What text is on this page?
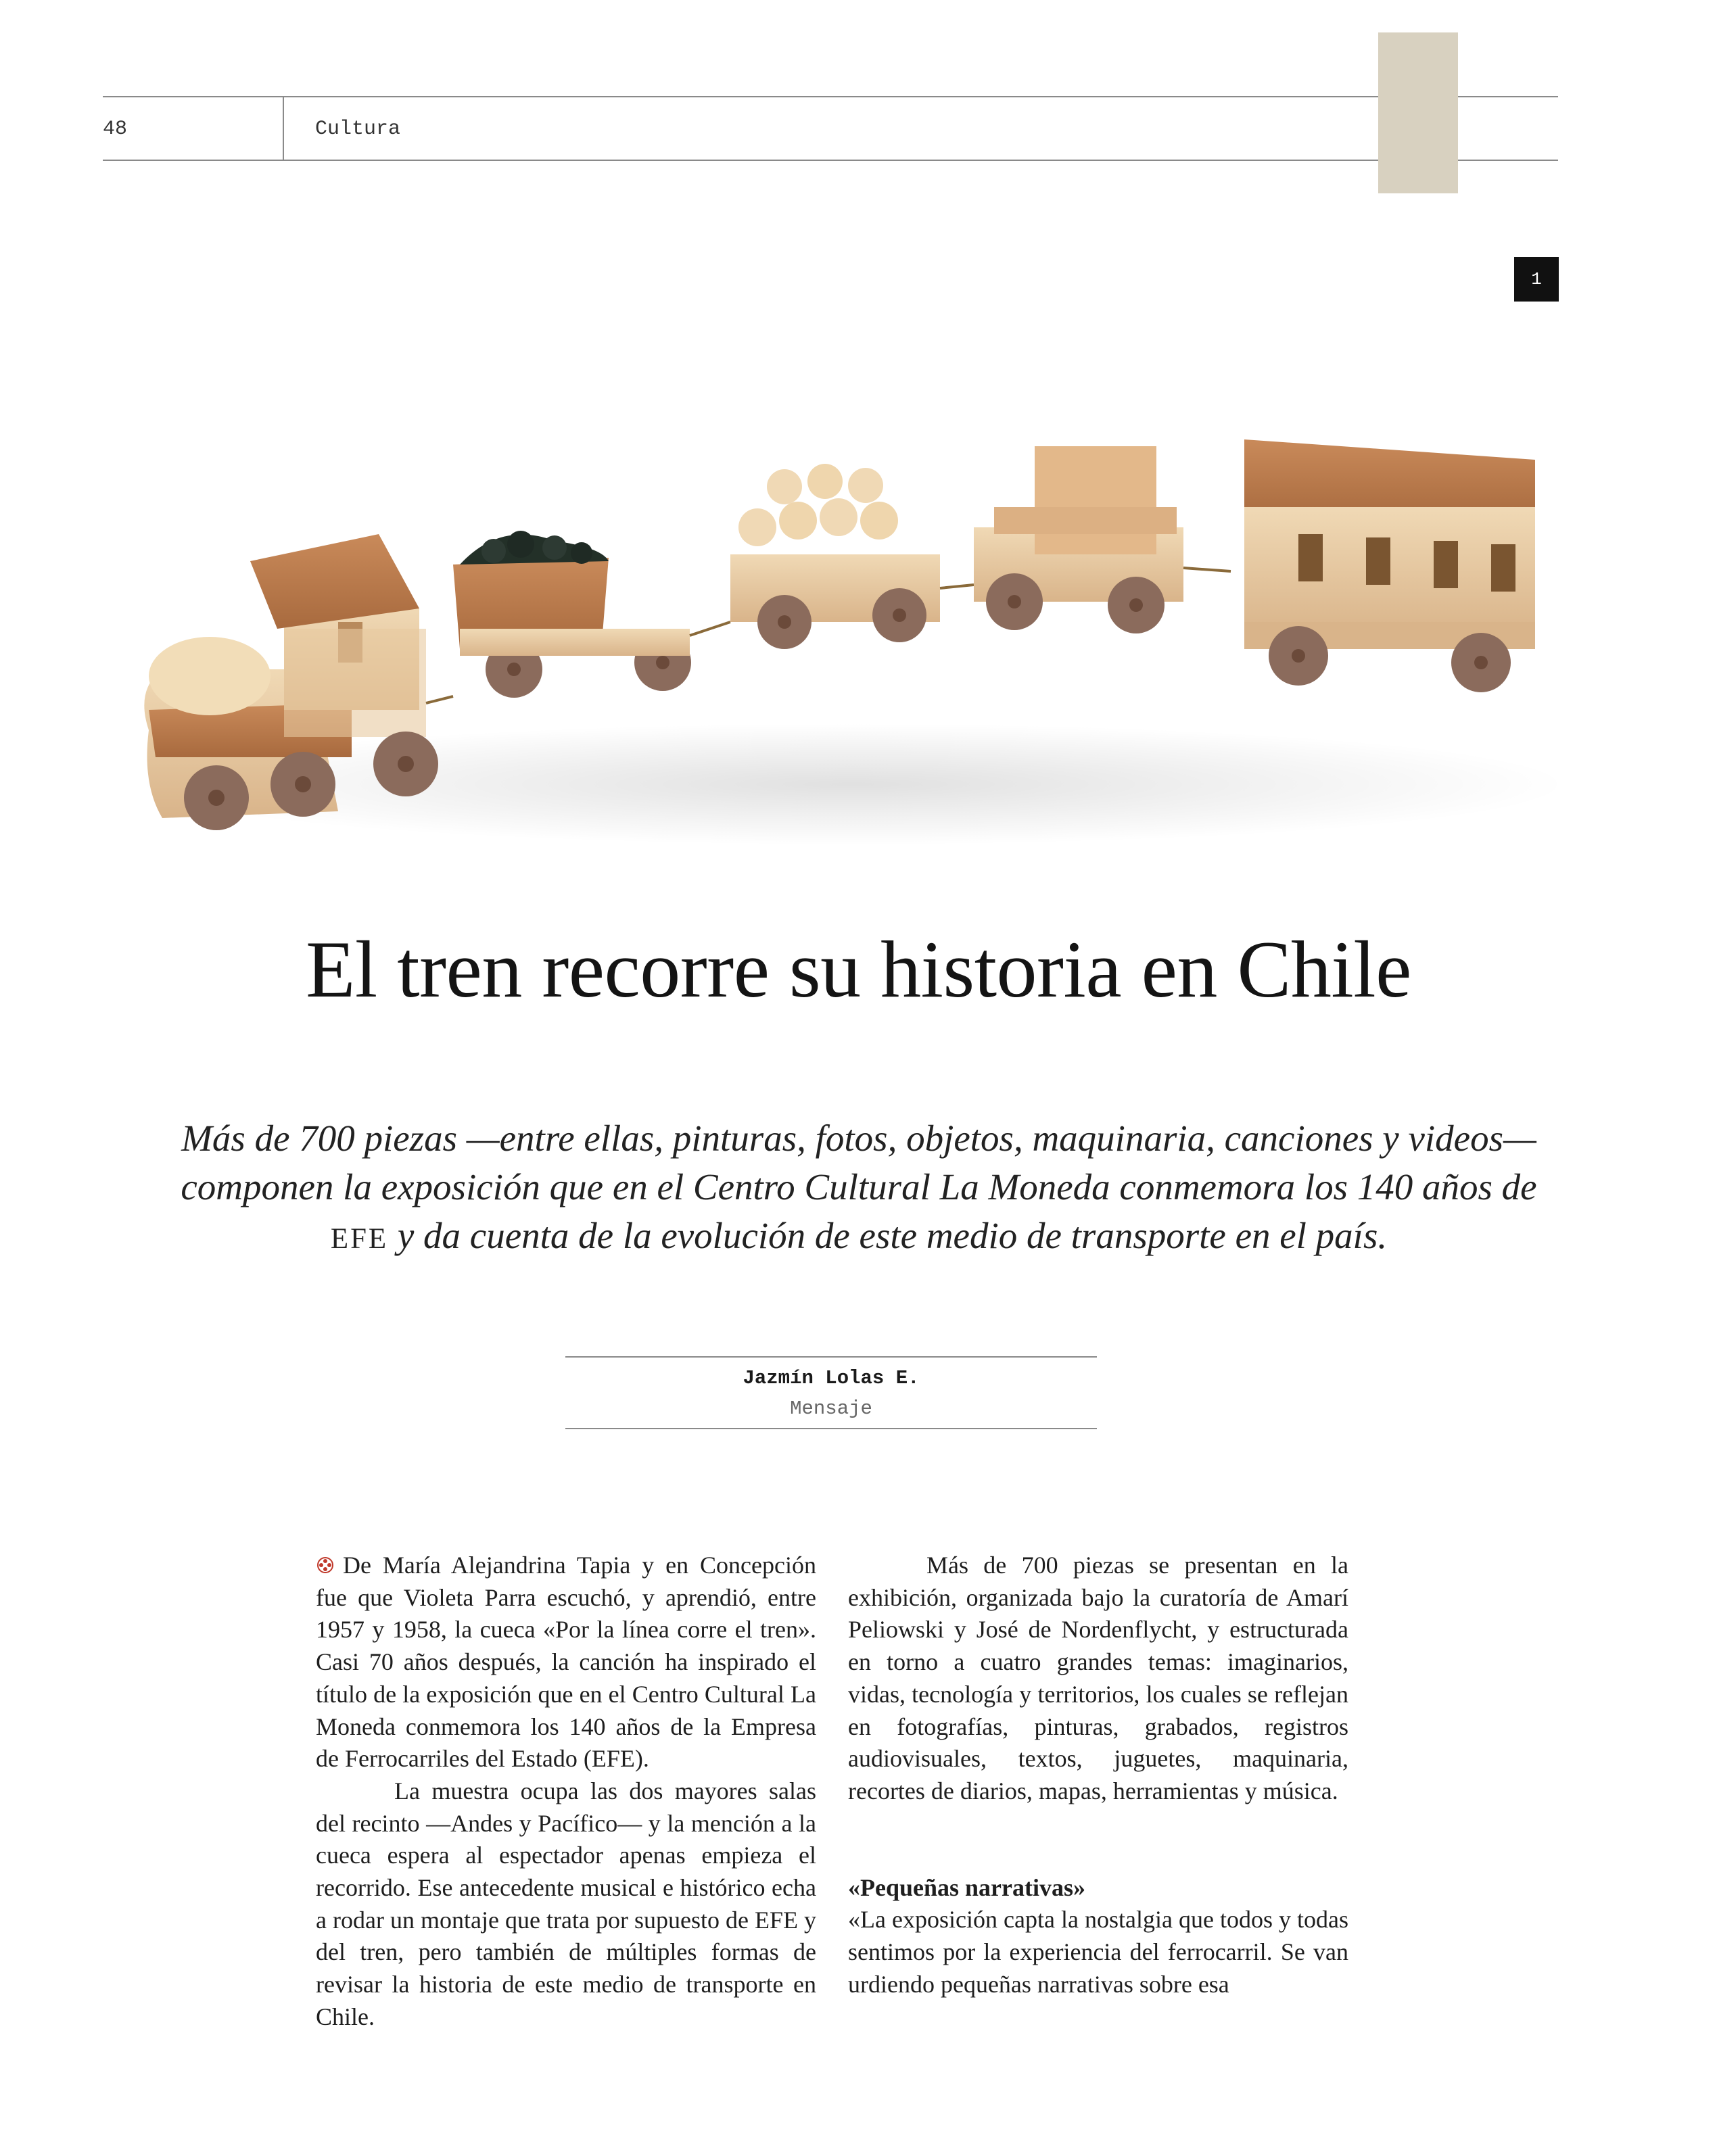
48	Cultura
1
El tren recorre su historia en Chile
Más de 700 piezas —entre ellas, pinturas, fotos, objetos, maquinaria, canciones y videos— componen la exposición que en el Centro Cultural La Moneda conmemora los 140 años de EFE y da cuenta de la evolución de este medio de transporte en el país.
Jazmín Lolas E.
Mensaje

De María Alejandrina Tapia y en Concepción fue que Violeta Parra escuchó, y aprendió, entre 1957 y 1958, la cueca «Por la línea corre el tren». Casi 70 años después, la canción ha inspirado el título de la exposición que en el Centro Cultural La Moneda conmemora los 140 años de la Empresa de Ferrocarriles del Estado (EFE).

La muestra ocupa las dos mayores salas del recinto —Andes y Pacífico— y la mención a la cueca espera al espectador apenas empieza el recorrido. Ese antecedente musical e histórico echa a rodar un montaje que trata por supuesto de EFE y del tren, pero también de múltiples formas de revisar la historia de este medio de transporte en Chile.

Más de 700 piezas se presentan en la exhibición, organizada bajo la curatoría de Amarí Peliowski y José de Nordenflycht, y estructurada en torno a cuatro grandes temas: imaginarios, vidas, tecnología y territorios, los cuales se reflejan en fotografías, pinturas, grabados, registros audiovisuales, textos, juguetes, maquinaria, recortes de diarios, mapas, herramientas y música.

«Pequeñas narrativas»

«La exposición capta la nostalgia que todos y todas sentimos por la experiencia del ferrocarril. Se van urdiendo pequeñas narrativas sobre esa
